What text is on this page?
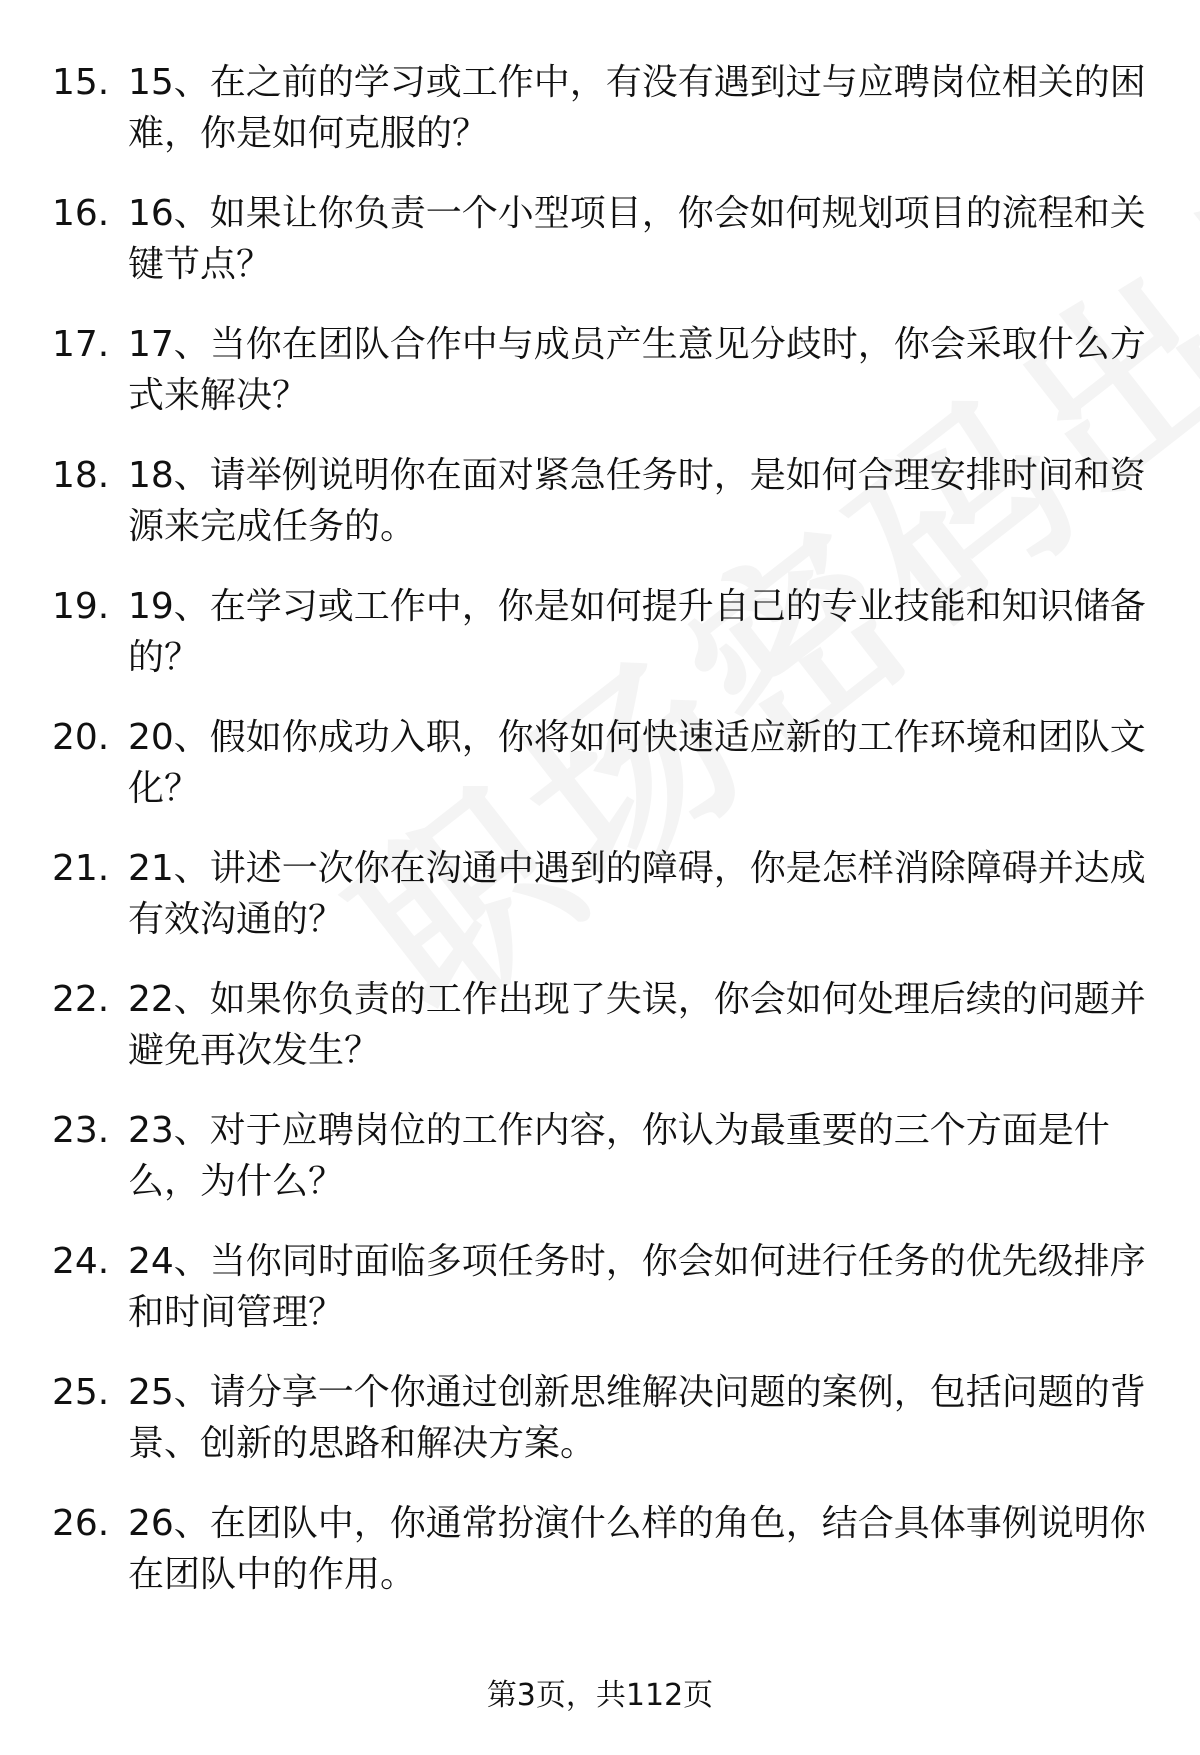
15. 15、在之前的学习或工作中，有没有遇到过与应聘岗位相关的困难，你是如何克服的？
16. 16、如果让你负责一个小型项目，你会如何规划项目的流程和关键节点？
17. 17、当你在团队合作中与成员产生意见分歧时，你会采取什么方式来解决？
18. 18、请举例说明你在面对紧急任务时，是如何合理安排时间和资源来完成任务的。
19. 19、在学习或工作中，你是如何提升自己的专业技能和知识储备的？
20. 20、假如你成功入职，你将如何快速适应新的工作环境和团队文化？
21. 21、讲述一次你在沟通中遇到的障碍，你是怎样消除障碍并达成有效沟通的？
22. 22、如果你负责的工作出现了失误，你会如何处理后续的问题并避免再次发生？
23. 23、对于应聘岗位的工作内容，你认为最重要的三个方面是什么，为什么？
24. 24、当你同时面临多项任务时，你会如何进行任务的优先级排序和时间管理？
25. 25、请分享一个你通过创新思维解决问题的案例，包括问题的背景、创新的思路和解决方案。
26. 26、在团队中，你通常扮演什么样的角色，结合具体事例说明你在团队中的作用。
第3页，共112页
